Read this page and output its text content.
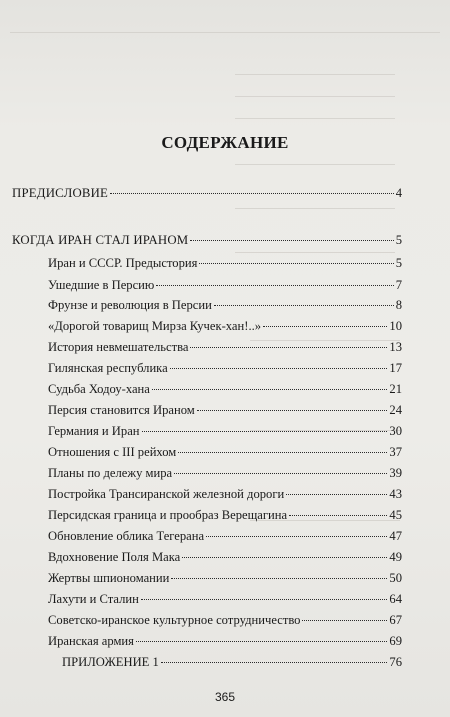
СОДЕРЖАНИЕ
ПРЕДИСЛОВИЕ	4
КОГДА ИРАН СТАЛ ИРАНОМ	5
Иран и СССР. Предыстория	5
Ушедшие в Персию	7
Фрунзе и революция в Персии	8
«Дорогой товарищ Мирза Кучек-хан!..»	10
История невмешательства	13
Гилянская республика	17
Судьба Ходоу-хана	21
Персия становится Ираном	24
Германия и Иран	30
Отношения с III рейхом	37
Планы по дележу мира	39
Постройка Трансиранской железной дороги	43
Персидская граница и прообраз Верещагина	45
Обновление облика Тегерана	47
Вдохновение Поля Мака	49
Жертвы шпиономании	50
Лахути и Сталин	64
Советско-иранское культурное сотрудничество	67
Иранская армия	69
ПРИЛОЖЕНИЕ 1	76
365
